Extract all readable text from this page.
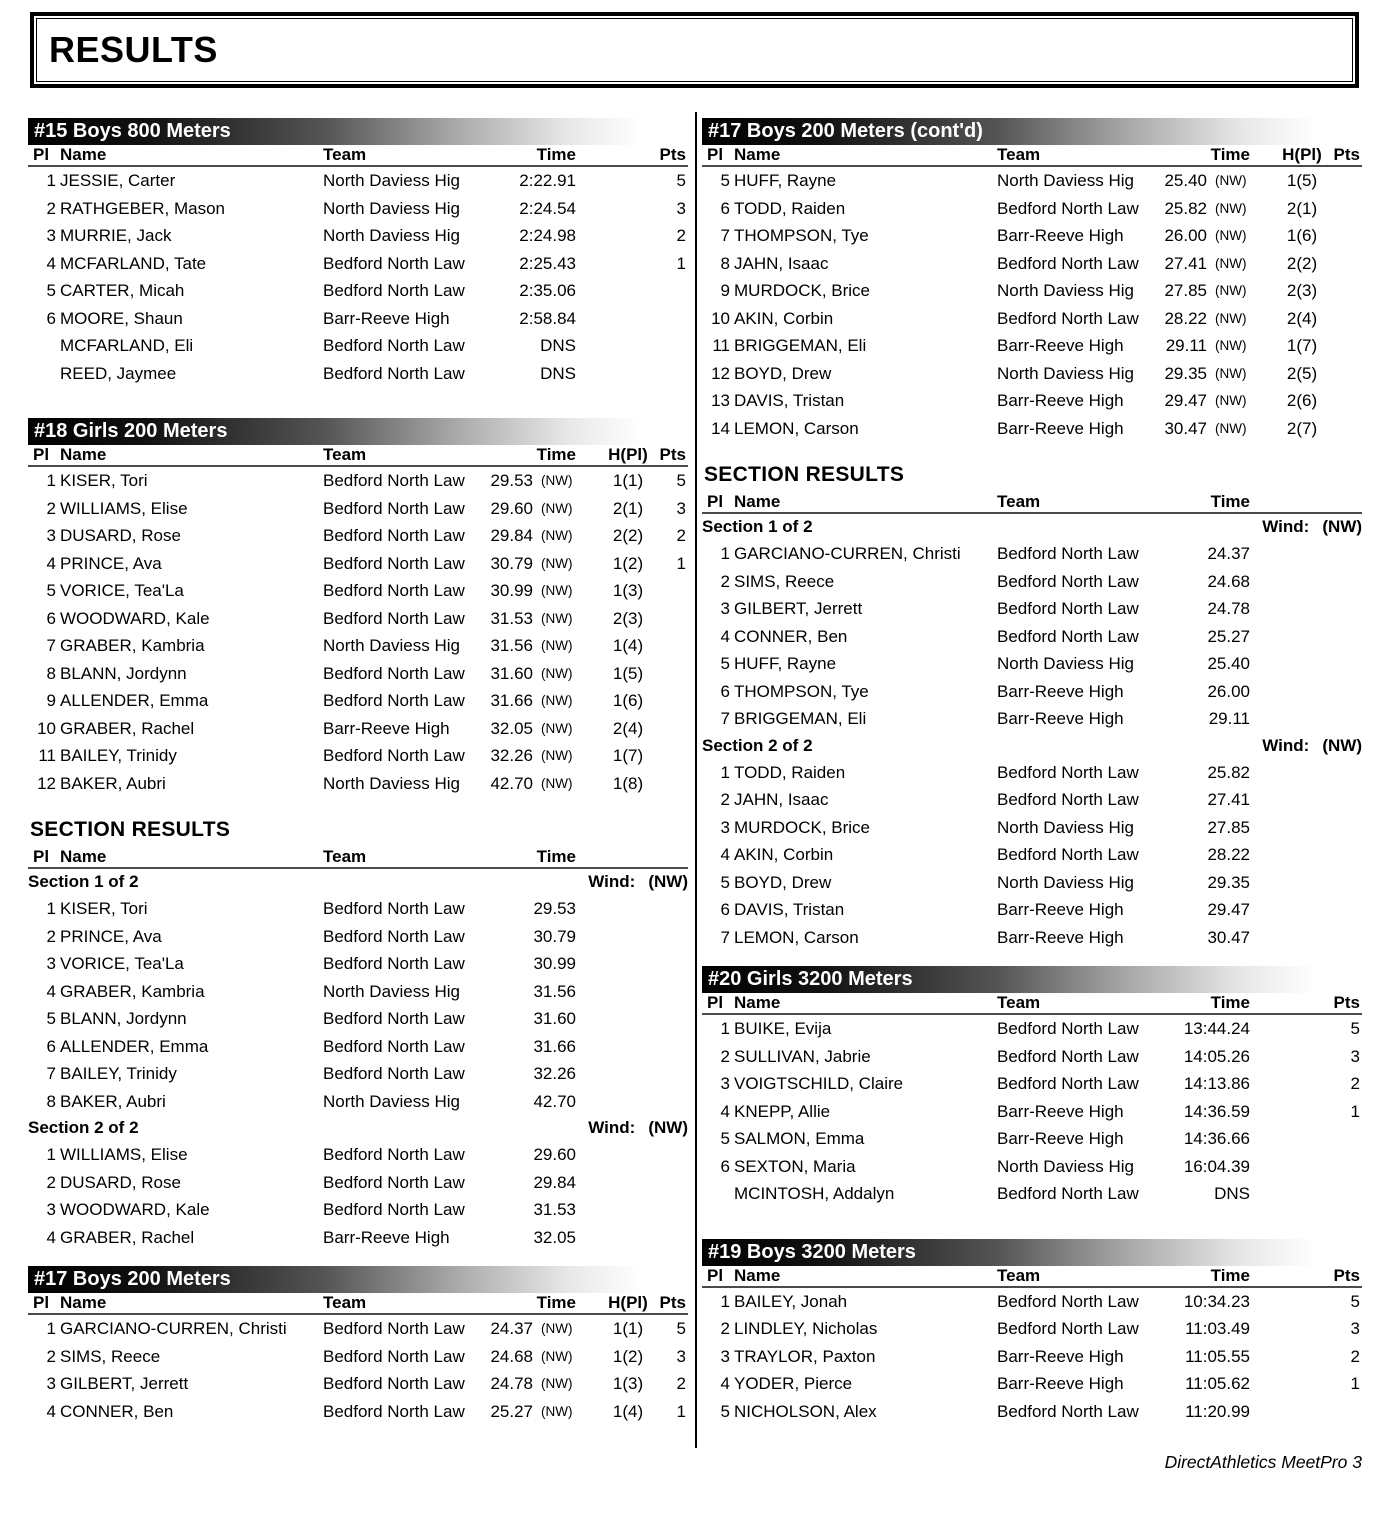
RESULTS
#15 Boys 800 Meters
Pl Name	Team	Time	Pts
1 JESSIE, Carter	North Daviess Hig	2:22.91	5
2 RATHGEBER, Mason	North Daviess Hig	2:24.54	3
3 MURRIE, Jack	North Daviess Hig	2:24.98	2
4 MCFARLAND, Tate	Bedford North Law	2:25.43	1
5 CARTER, Micah	Bedford North Law	2:35.06
6 MOORE, Shaun	Barr-Reeve High	2:58.84
MCFARLAND, Eli	Bedford North Law	DNS
REED, Jaymee	Bedford North Law	DNS
#18 Girls 200 Meters
Pl Name	Team	Time	H(Pl) Pts
1 KISER, Tori	Bedford North Law	29.53 (NW)	1(1)	5
2 WILLIAMS, Elise	Bedford North Law	29.60 (NW)	2(1)	3
3 DUSARD, Rose	Bedford North Law	29.84 (NW)	2(2)	2
4 PRINCE, Ava	Bedford North Law	30.79 (NW)	1(2)	1
5 VORICE, Tea'La	Bedford North Law	30.99 (NW)	1(3)
6 WOODWARD, Kale	Bedford North Law	31.53 (NW)	2(3)
7 GRABER, Kambria	North Daviess Hig	31.56 (NW)	1(4)
8 BLANN, Jordynn	Bedford North Law	31.60 (NW)	1(5)
9 ALLENDER, Emma	Bedford North Law	31.66 (NW)	1(6)
10 GRABER, Rachel	Barr-Reeve High	32.05 (NW)	2(4)
11 BAILEY, Trinidy	Bedford North Law	32.26 (NW)	1(7)
12 BAKER, Aubri	North Daviess Hig	42.70 (NW)	1(8)
SECTION RESULTS
Pl Name	Team	Time
Section 1 of 2	Wind: (NW)
1 KISER, Tori	Bedford North Law	29.53
2 PRINCE, Ava	Bedford North Law	30.79
3 VORICE, Tea'La	Bedford North Law	30.99
4 GRABER, Kambria	North Daviess Hig	31.56
5 BLANN, Jordynn	Bedford North Law	31.60
6 ALLENDER, Emma	Bedford North Law	31.66
7 BAILEY, Trinidy	Bedford North Law	32.26
8 BAKER, Aubri	North Daviess Hig	42.70
Section 2 of 2	Wind: (NW)
1 WILLIAMS, Elise	Bedford North Law	29.60
2 DUSARD, Rose	Bedford North Law	29.84
3 WOODWARD, Kale	Bedford North Law	31.53
4 GRABER, Rachel	Barr-Reeve High	32.05
#17 Boys 200 Meters
Pl Name	Team	Time	H(Pl) Pts
1 GARCIANO-CURREN, Christi Bedford North Law	24.37 (NW)	1(1)	5
2 SIMS, Reece	Bedford North Law	24.68 (NW)	1(2)	3
3 GILBERT, Jerrett	Bedford North Law	24.78 (NW)	1(3)	2
4 CONNER, Ben	Bedford North Law	25.27 (NW)	1(4)	1
#17 Boys 200 Meters (cont'd)
Pl Name	Team	Time	H(Pl) Pts
5 HUFF, Rayne	North Daviess Hig	25.40 (NW)	1(5)
6 TODD, Raiden	Bedford North Law	25.82 (NW)	2(1)
7 THOMPSON, Tye	Barr-Reeve High	26.00 (NW)	1(6)
8 JAHN, Isaac	Bedford North Law	27.41 (NW)	2(2)
9 MURDOCK, Brice	North Daviess Hig	27.85 (NW)	2(3)
10 AKIN, Corbin	Bedford North Law	28.22 (NW)	2(4)
11 BRIGGEMAN, Eli	Barr-Reeve High	29.11 (NW)	1(7)
12 BOYD, Drew	North Daviess Hig	29.35 (NW)	2(5)
13 DAVIS, Tristan	Barr-Reeve High	29.47 (NW)	2(6)
14 LEMON, Carson	Barr-Reeve High	30.47 (NW)	2(7)
SECTION RESULTS
Pl Name	Team	Time
Section 1 of 2	Wind: (NW)
1 GARCIANO-CURREN, Christi Bedford North Law	24.37
2 SIMS, Reece	Bedford North Law	24.68
3 GILBERT, Jerrett	Bedford North Law	24.78
4 CONNER, Ben	Bedford North Law	25.27
5 HUFF, Rayne	North Daviess Hig	25.40
6 THOMPSON, Tye	Barr-Reeve High	26.00
7 BRIGGEMAN, Eli	Barr-Reeve High	29.11
Section 2 of 2	Wind: (NW)
1 TODD, Raiden	Bedford North Law	25.82
2 JAHN, Isaac	Bedford North Law	27.41
3 MURDOCK, Brice	North Daviess Hig	27.85
4 AKIN, Corbin	Bedford North Law	28.22
5 BOYD, Drew	North Daviess Hig	29.35
6 DAVIS, Tristan	Barr-Reeve High	29.47
7 LEMON, Carson	Barr-Reeve High	30.47
#20 Girls 3200 Meters
Pl Name	Team	Time	Pts
1 BUIKE, Evija	Bedford North Law	13:44.24	5
2 SULLIVAN, Jabrie	Bedford North Law	14:05.26	3
3 VOIGTSCHILD, Claire	Bedford North Law	14:13.86	2
4 KNEPP, Allie	Barr-Reeve High	14:36.59	1
5 SALMON, Emma	Barr-Reeve High	14:36.66
6 SEXTON, Maria	North Daviess Hig	16:04.39
MCINTOSH, Addalyn	Bedford North Law	DNS
#19 Boys 3200 Meters
Pl Name	Team	Time	Pts
1 BAILEY, Jonah	Bedford North Law	10:34.23	5
2 LINDLEY, Nicholas	Bedford North Law	11:03.49	3
3 TRAYLOR, Paxton	Barr-Reeve High	11:05.55	2
4 YODER, Pierce	Barr-Reeve High	11:05.62	1
5 NICHOLSON, Alex	Bedford North Law	11:20.99
DirectAthletics MeetPro 3
